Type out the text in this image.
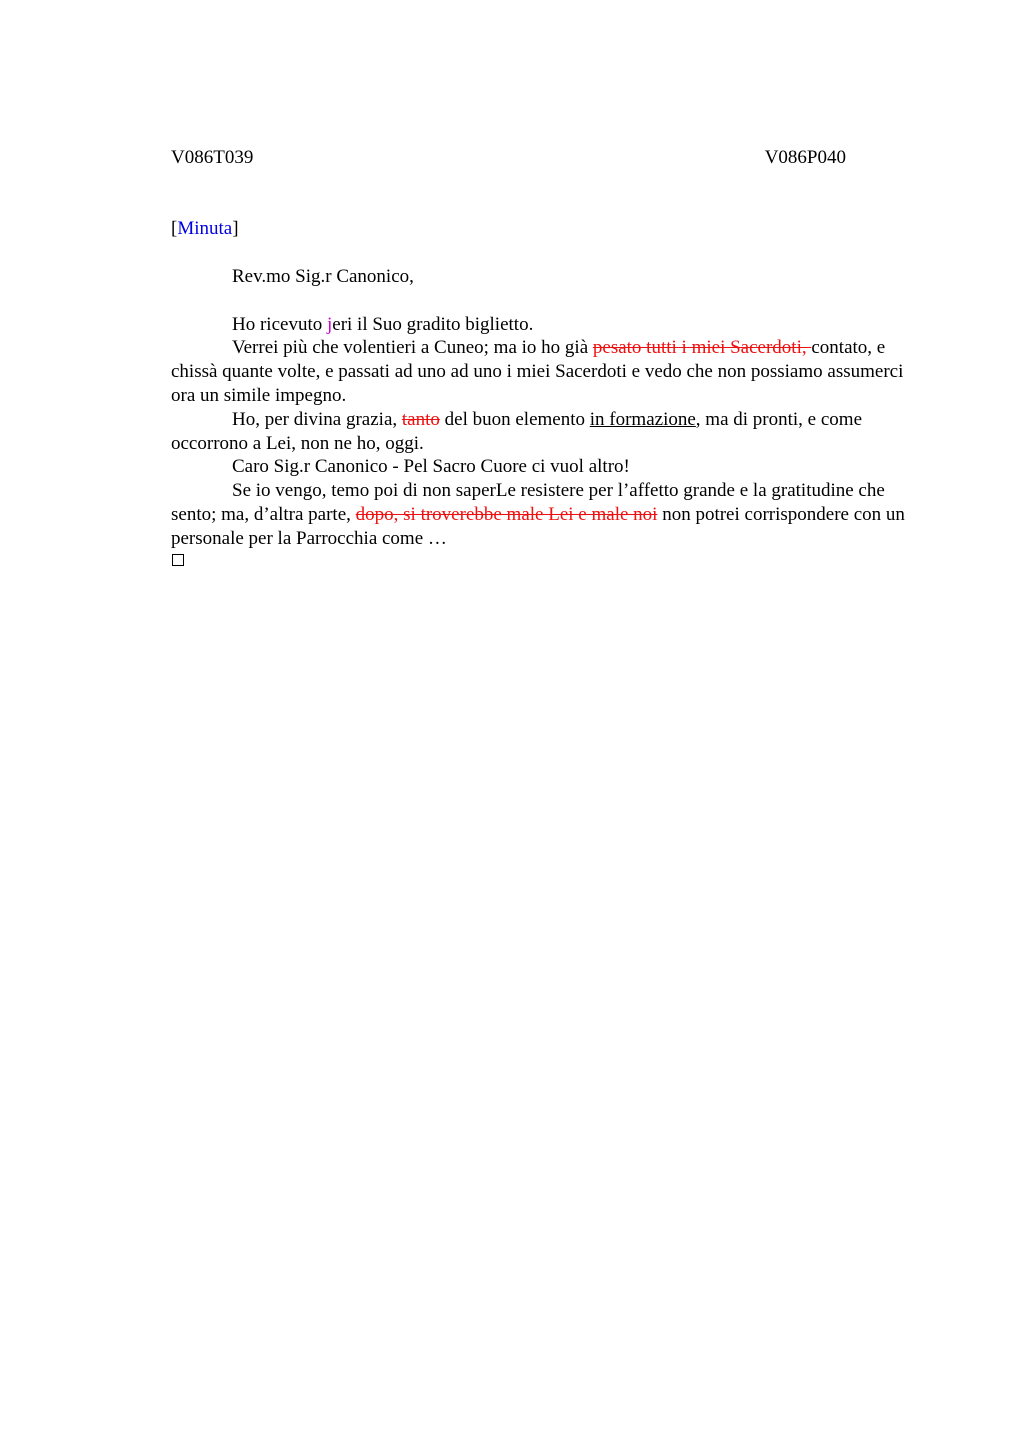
V086T039	V086P040
[Minuta]

Rev.mo Sig.r Canonico,

Ho ricevuto jeri il Suo gradito biglietto.

Verrei più che volentieri a Cuneo; ma io ho già pesato tutti i miei Sacerdoti, contato, e chissà quante volte, e passati ad uno ad uno i miei Sacerdoti e vedo che non possiamo assumerci ora un simile impegno.

Ho, per divina grazia, tanto del buon elemento in formazione, ma di pronti, e come occorrono a Lei, non ne ho, oggi.

Caro Sig.r Canonico - Pel Sacro Cuore ci vuol altro!

Se io vengo, temo poi di non saperLe resistere per l’affetto grande e la gratitudine che sento; ma, d’altra parte, dopo, si troverebbe male Lei e male noi non potrei corrispondere con un personale per la Parrocchia come …
